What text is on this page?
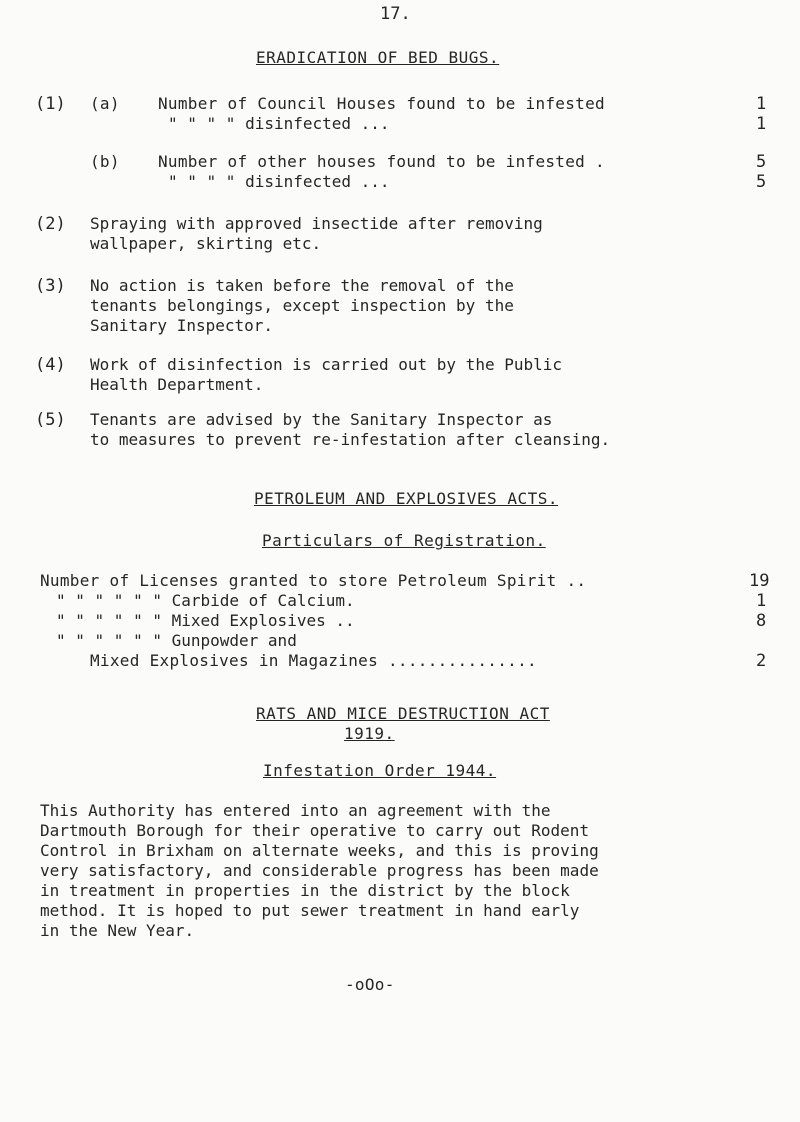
17.
ERADICATION OF BED BUGS.
(1) (a) Number of Council Houses found to be infested	1
" " " " disinfected ...	1
(b) Number of other houses found to be infested .	5
" " " " disinfected ...	5
(2) Spraying with approved insectide after removing
wallpaper, skirting etc.
(3) No action is taken before the removal of the
tenants belongings, except inspection by the
Sanitary Inspector.
(4) Work of disinfection is carried out by the Public
Health Department.
(5) Tenants are advised by the Sanitary Inspector as
to measures to prevent re-infestation after cleansing.
PETROLEUM AND EXPLOSIVES ACTS.
Particulars of Registration.
Number of Licenses granted to store Petroleum Spirit ..	19
" " " " " " Carbide of Calcium.	1
" " " " " " Mixed Explosives ..	8
" " " " " " Gunpowder and
Mixed Explosives in Magazines ...............	2
RATS AND MICE DESTRUCTION ACT
1919.
Infestation Order 1944.
This Authority has entered into an agreement with the
Dartmouth Borough for their operative to carry out Rodent
Control in Brixham on alternate weeks, and this is proving
very satisfactory, and considerable progress has been made
in treatment in properties in the district by the block
method. It is hoped to put sewer treatment in hand early
in the New Year.
-oOo-
